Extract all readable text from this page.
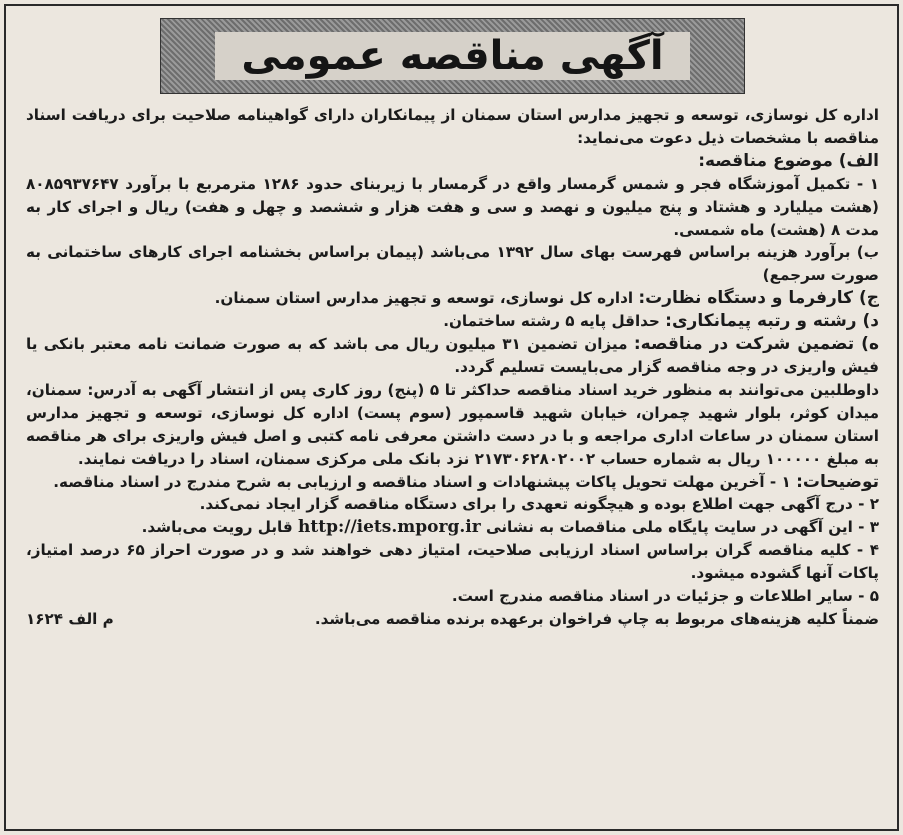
آگهی مناقصه عمومی

اداره کل نوسازی، توسعه و تجهیز مدارس استان سمنان از پیمانکاران دارای گواهینامه صلاحیت برای دریافت اسناد مناقصه با مشخصات ذیل دعوت می‌نماید:

الف) موضوع مناقصه:

۱ - تکمیل آموزشگاه فجر و شمس گرمسار واقع در گرمسار با زیربنای حدود ۱۲۸۶ مترمربع با برآورد ۸۰۸۵۹۳۷۶۴۷ (هشت میلیارد و هشتاد و پنج میلیون و نهصد و سی و هفت هزار و ششصد و چهل و هفت) ریال و اجرای کار به مدت ۸ (هشت) ماه شمسی.

ب) برآورد هزینه براساس فهرست بهای سال ۱۳۹۲ می‌باشد (پیمان براساس بخشنامه اجرای کارهای ساختمانی به صورت سرجمع)

ج) کارفرما و دستگاه نظارت: اداره کل نوسازی، توسعه و تجهیز مدارس استان سمنان.

د) رشته و رتبه پیمانکاری: حداقل پایه ۵ رشته ساختمان.

ه) تضمین شرکت در مناقصه: میزان تضمین ۳۱ میلیون ریال می باشد که به صورت ضمانت نامه معتبر بانکی یا فیش واریزی در وجه مناقصه گزار می‌بایست تسلیم گردد.

داوطلبین می‌توانند به منظور خرید اسناد مناقصه حداکثر تا ۵ (پنج) روز کاری پس از انتشار آگهی به آدرس: سمنان، میدان کوثر، بلوار شهید چمران، خیابان شهید قاسمپور (سوم پست) اداره کل نوسازی، توسعه و تجهیز مدارس استان سمنان در ساعات اداری مراجعه و با در دست داشتن معرفی نامه کتبی و اصل فیش واریزی برای هر مناقصه به مبلغ ۱۰۰۰۰۰ ریال به شماره حساب ۲۱۷۳۰۶۲۸۰۲۰۰۲ نزد بانک ملی مرکزی سمنان، اسناد را دریافت نمایند.

توضیحات: ۱ - آخرین مهلت تحویل پاکات پیشنهادات و اسناد مناقصه و ارزیابی به شرح مندرج در اسناد مناقصه.

۲ - درج آگهی جهت اطلاع بوده و هیچگونه تعهدی را برای دستگاه مناقصه گزار ایجاد نمی‌کند.

۳ - این آگهی در سایت پایگاه ملی مناقصات به نشانی http://iets.mporg.ir قابل رویت می‌باشد.

۴ - کلیه مناقصه گران براساس اسناد ارزیابی صلاحیت، امتیاز دهی خواهند شد و در صورت احراز ۶۵ درصد امتیاز، پاکات آنها گشوده میشود.

۵ - سایر اطلاعات و جزئیات در اسناد مناقصه مندرج است.

ضمناً کلیه هزینه‌های مربوط به چاپ فراخوان برعهده برنده مناقصه می‌باشد.
م الف ۱۶۲۴
